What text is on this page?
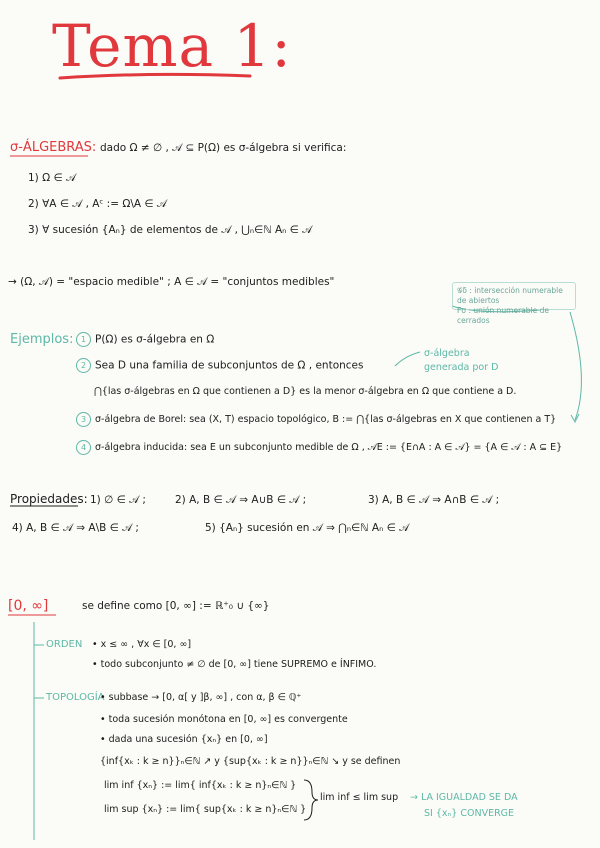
Tema 1:
σ-ÁLGEBRAS: dado Ω ≠ ∅ , 𝒜 ⊆ P(Ω) es σ-álgebra si verifica:
1) Ω ∈ 𝒜
2) ∀A ∈ 𝒜 , Aᶜ := Ω\A ∈ 𝒜
3) ∀ sucesión {Aₙ} de elementos de 𝒜 , ⋃ₙ∈ℕ Aₙ ∈ 𝒜
→ (Ω, 𝒜) = "espacio medible" ; A ∈ 𝒜 = "conjuntos medibles"
𝒢δ : intersección numerable de abiertos
Fσ : unión numerable de cerrados
Ejemplos: 1 P(Ω) es σ-álgebra en Ω
2 Sea D una familia de subconjuntos de Ω , entonces
σ-álgebra
generada por D
⋂{las σ-álgebras en Ω que contienen a D} es la menor σ-álgebra en Ω que contiene a D.
3 σ-álgebra de Borel: sea (X, T) espacio topológico, B := ⋂{las σ-álgebras en X que contienen a T}
4 σ-álgebra inducida: sea E un subconjunto medible de Ω , 𝒜E := {E∩A : A ∈ 𝒜} = {A ∈ 𝒜 : A ⊆ E}
Propiedades: 1) ∅ ∈ 𝒜 ;	2) A, B ∈ 𝒜 ⇒ A∪B ∈ 𝒜 ;	3) A, B ∈ 𝒜 ⇒ A∩B ∈ 𝒜 ;
4) A, B ∈ 𝒜 ⇒ A\B ∈ 𝒜 ;	5) {Aₙ} sucesión en 𝒜 ⇒ ⋂ₙ∈ℕ Aₙ ∈ 𝒜
[0, ∞]	se define como [0, ∞] := ℝ⁺₀ ∪ {∞}
ORDEN • x ≤ ∞ , ∀x ∈ [0, ∞]
• todo subconjunto ≠ ∅ de [0, ∞] tiene SUPREMO e ÍNFIMO.
TOPOLOGÍA
• subbase → [0, α[ y ]β, ∞] , con α, β ∈ ℚ⁺
• toda sucesión monótona en [0, ∞] es convergente
• dada una sucesión {xₙ} en [0, ∞]
{inf{xₖ : k ≥ n}}ₙ∈ℕ ↗ y {sup{xₖ : k ≥ n}}ₙ∈ℕ ↘ y se definen
lim inf {xₙ} := lim{ inf{xₖ : k ≥ n}ₙ∈ℕ }
lim sup {xₙ} := lim{ sup{xₖ : k ≥ n}ₙ∈ℕ }
lim inf ≤ lim sup → LA IGUALDAD SE DA
SI {xₙ} CONVERGE
